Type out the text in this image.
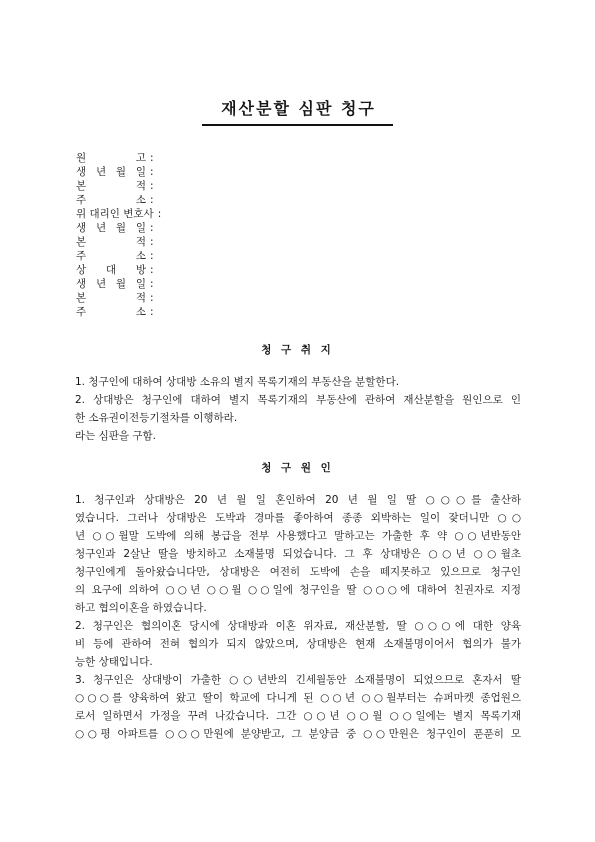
재산분할 심판 청구
원 고 :
생 년 월 일 :
본 적 :
주 소 :
위 대리인 변호사 :
생 년 월 일 :
본 적 :
주 소 :
상 대 방 :
생 년 월 일 :
본 적 :
주 소 :
청 구 취 지
1. 청구인에 대하여 상대방 소유의 별지 목록기재의 부동산을 분할한다.
2. 상대방은 청구인에 대하여 별지 목록기재의 부동산에 관하여 재산분할을 원인으로 인
한 소유권이전등기절차를 이행하라.
라는 심판을 구함.
청 구 원 인
1. 청구인과 상대방은 20 년 월 일 혼인하여 20 년 월 일 딸 ○○○를 출산하
였습니다. 그러나 상대방은 도박과 경마를 좋아하여 종종 외박하는 일이 잦더니만 ○○
년 ○○월말 도박에 의해 봉급을 전부 사용했다고 말하고는 가출한 후 약 ○○년반동안
청구인과 2살난 딸을 방치하고 소재불명 되었습니다. 그 후 상대방은 ○○년 ○○월초
청구인에게 돌아왔습니다만, 상대방은 여전히 도박에 손을 떼지못하고 있으므로 청구인
의 요구에 의하여 ○○년 ○○월 ○○일에 청구인을 딸 ○○○에 대하여 친권자로 지정
하고 협의이혼을 하였습니다.
2. 청구인은 협의이혼 당시에 상대방과 이혼 위자료, 재산분할, 딸 ○○○에 대한 양육
비 등에 관하여 전혀 협의가 되지 않았으며, 상대방은 현재 소재불명이어서 협의가 불가
능한 상태입니다.
3. 청구인은 상대방이 가출한 ○○년반의 긴세월동안 소재불명이 되었으므로 혼자서 딸
○○○를 양육하여 왔고 딸이 학교에 다니게 된 ○○년 ○○월부터는 슈퍼마켓 종업원으
로서 일하면서 가정을 꾸려 나갔습니다. 그간 ○○년 ○○월 ○○일에는 별지 목록기재
○○평 아파트를 ○○○만원에 분양받고, 그 분양금 중 ○○만원은 청구인이 푼푼히 모
